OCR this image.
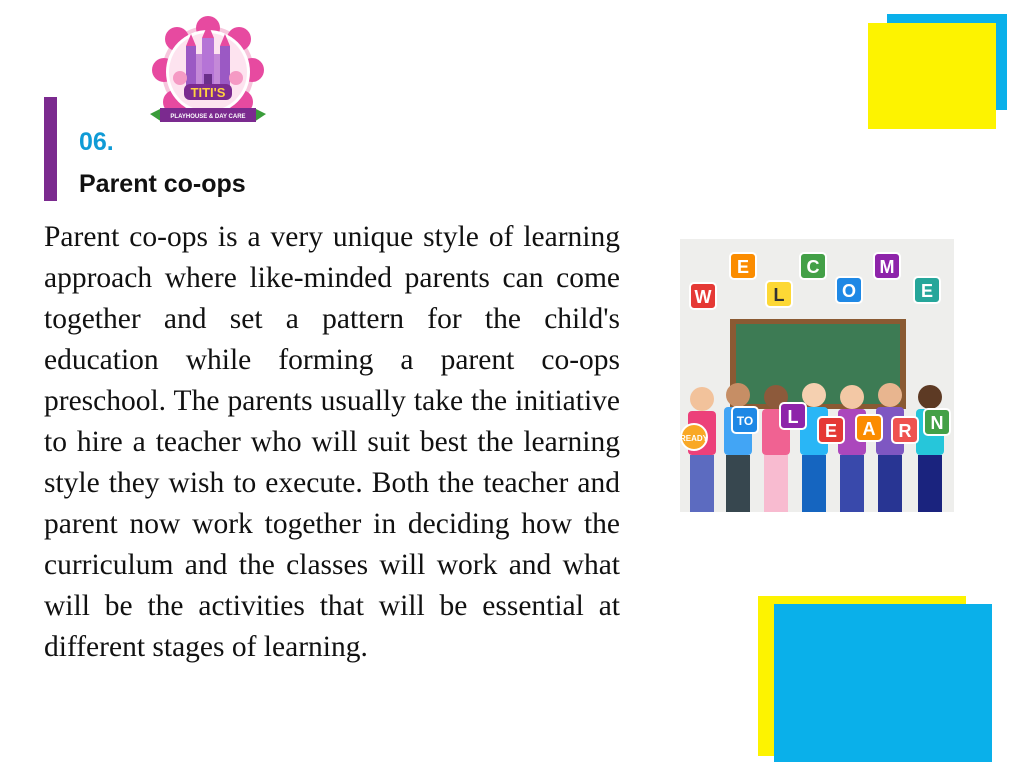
TITI'S
PLAYHOUSE & DAY CARE
06.
Parent co-ops
Parent co-ops is a very unique style of learning approach where like-minded parents can come together and set a pattern for the child's education while forming a parent co-ops preschool. The parents usually take the initiative to hire a teacher who will suit best the learning style they wish to execute. Both the teacher and parent now work together in deciding how the curriculum and the classes will work and what will be the activities that will be essential at different stages of learning.
W
E
L
C
O
M
E
READY
TO L
E A R N
